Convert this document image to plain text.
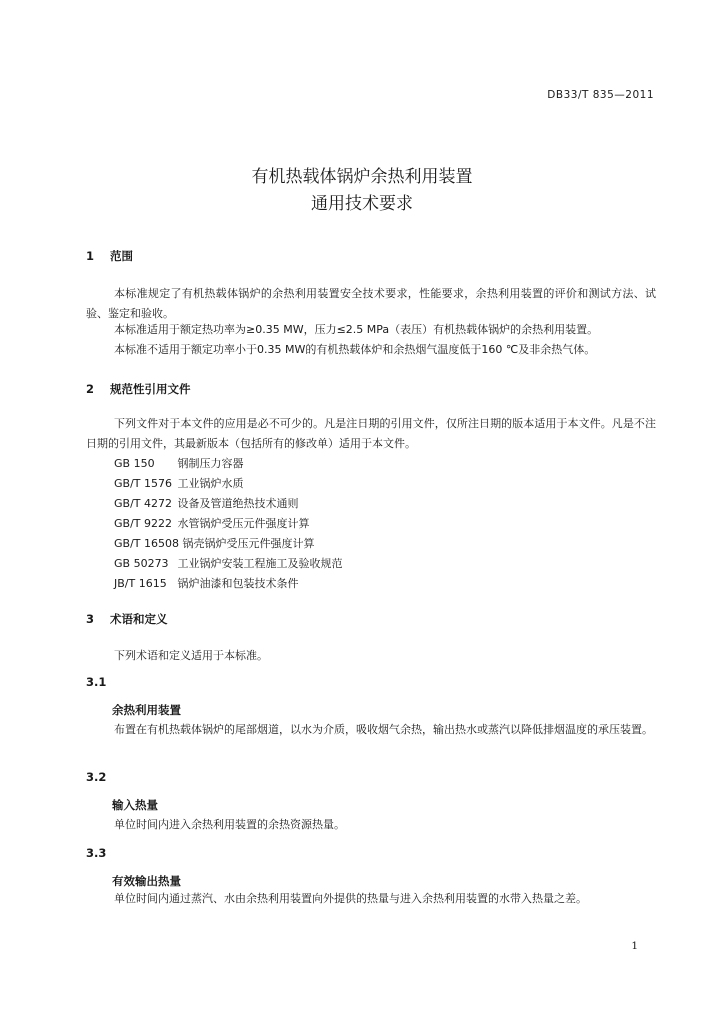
DB33/T 835—2011
有机热载体锅炉余热利用装置
通用技术要求
1 范围

本标准规定了有机热载体锅炉的余热利用装置安全技术要求，性能要求，余热利用装置的评价和测试方法、试验、鉴定和验收。

本标准适用于额定热功率为≥0.35 MW，压力≤2.5 MPa（表压）有机热载体锅炉的余热利用装置。

本标准不适用于额定功率小于0.35 MW的有机热载体炉和余热烟气温度低于160 ℃及非余热气体。

2 规范性引用文件

下列文件对于本文件的应用是必不可少的。凡是注日期的引用文件，仅所注日期的版本适用于本文件。凡是不注日期的引用文件，其最新版本（包括所有的修改单）适用于本文件。

GB 150 钢制压力容器
GB/T 1576 工业锅炉水质
GB/T 4272 设备及管道绝热技术通则
GB/T 9222 水管锅炉受压元件强度计算
GB/T 16508 锅壳锅炉受压元件强度计算
GB 50273 工业锅炉安装工程施工及验收规范
JB/T 1615 锅炉油漆和包装技术条件
3 术语和定义

下列术语和定义适用于本标准。

3.1
余热利用装置

布置在有机热载体锅炉的尾部烟道，以水为介质，吸收烟气余热，输出热水或蒸汽以降低排烟温度的承压装置。

3.2
输入热量

单位时间内进入余热利用装置的余热资源热量。

3.3
有效输出热量

单位时间内通过蒸汽、水由余热利用装置向外提供的热量与进入余热利用装置的水带入热量之差。

1
